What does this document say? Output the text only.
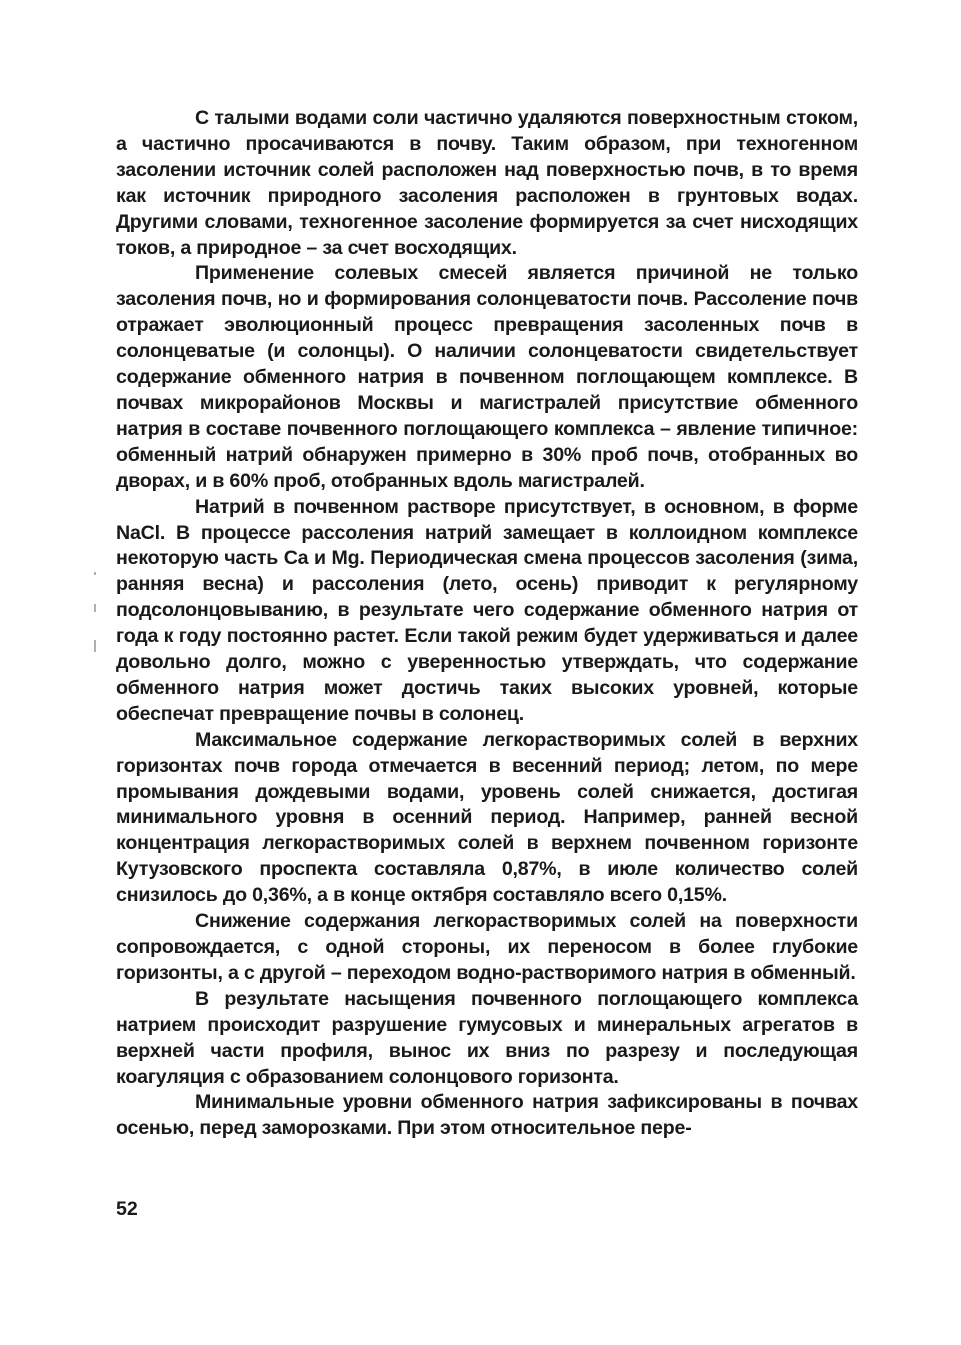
С талыми водами соли частично удаляются поверхностным стоком, а частично просачиваются в почву. Таким образом, при техногенном засолении источник солей расположен над поверхностью почв, в то время как источник природного засоления расположен в грунтовых водах. Другими словами, техногенное засоление формируется за счет нисходящих токов, а природное – за счет восходящих.

Применение солевых смесей является причиной не только засоления почв, но и формирования солонцеватости почв. Рассоление почв отражает эволюционный процесс превращения засоленных почв в солонцеватые (и солонцы). О наличии солонцеватости свидетельствует содержание обменного натрия в почвенном поглощающем комплексе. В почвах микрорайонов Москвы и магистралей присутствие обменного натрия в составе почвенного поглощающего комплекса – явление типичное: обменный натрий обнаружен примерно в 30% проб почв, отобранных во дворах, и в 60% проб, отобранных вдоль магистралей.

Натрий в почвенном растворе присутствует, в основном, в форме NaCl. В процессе рассоления натрий замещает в коллоидном комплексе некоторую часть Ca и Mg. Периодическая смена процессов засоления (зима, ранняя весна) и рассоления (лето, осень) приводит к регулярному подсолонцовыванию, в результате чего содержание обменного натрия от года к году постоянно растет. Если такой режим будет удерживаться и далее довольно долго, можно с уверенностью утверждать, что содержание обменного натрия может достичь таких высоких уровней, которые обеспечат превращение почвы в солонец.

Максимальное содержание легкорастворимых солей в верхних горизонтах почв города отмечается в весенний период; летом, по мере промывания дождевыми водами, уровень солей снижается, достигая минимального уровня в осенний период. Например, ранней весной концентрация легкорастворимых солей в верхнем почвенном горизонте Кутузовского проспекта составляла 0,87%, в июле количество солей снизилось до 0,36%, а в конце октября составляло всего 0,15%.

Снижение содержания легкорастворимых солей на поверхности сопровождается, с одной стороны, их переносом в более глубокие горизонты, а с другой – переходом водно-растворимого натрия в обменный.

В результате насыщения почвенного поглощающего комплекса натрием происходит разрушение гумусовых и минеральных агрегатов в верхней части профиля, вынос их вниз по разрезу и последующая коагуляция с образованием солонцового горизонта.

Минимальные уровни обменного натрия зафиксированы в почвах осенью, перед заморозками. При этом относительное пере-

52
